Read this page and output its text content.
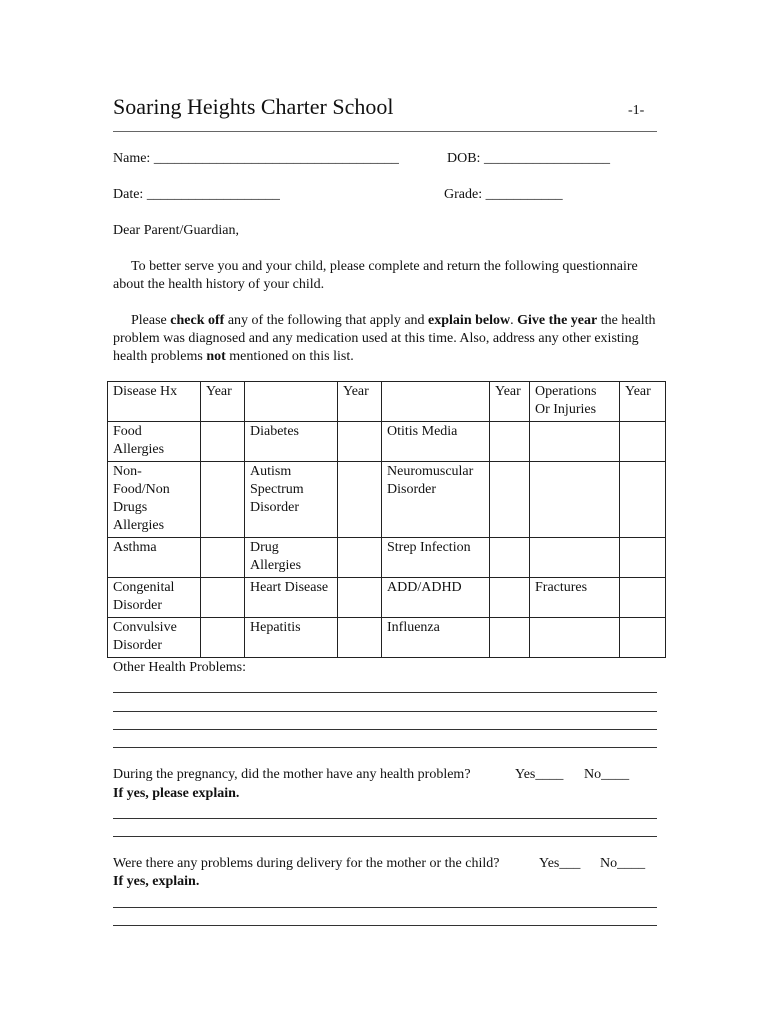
Soaring Heights Charter School	-1-
Name: ___________________________________	DOB: __________________
Date: ___________________	Grade: ___________
Dear Parent/Guardian,
To better serve you and your child, please complete and return the following questionnaire about the health history of your child.
Please check off any of the following that apply and explain below. Give the year the health problem was diagnosed and any medication used at this time. Also, address any other existing health problems not mentioned on this list.
Disease Hx	Year		Year		Year	Operations Or Injuries	Year
Food Allergies		Diabetes		Otitis Media			
Non-Food/Non Drugs Allergies		Autism Spectrum Disorder		Neuromuscular Disorder			
Asthma		Drug Allergies		Strep Infection			
Congenital Disorder		Heart Disease		ADD/ADHD		Fractures	
Convulsive Disorder		Hepatitis		Influenza			
Other Health Problems:
During the pregnancy, did the mother have any health problem?	Yes____ No____
If yes, please explain.
Were there any problems during delivery for the mother or the child?	Yes___ No____
If yes, explain.
